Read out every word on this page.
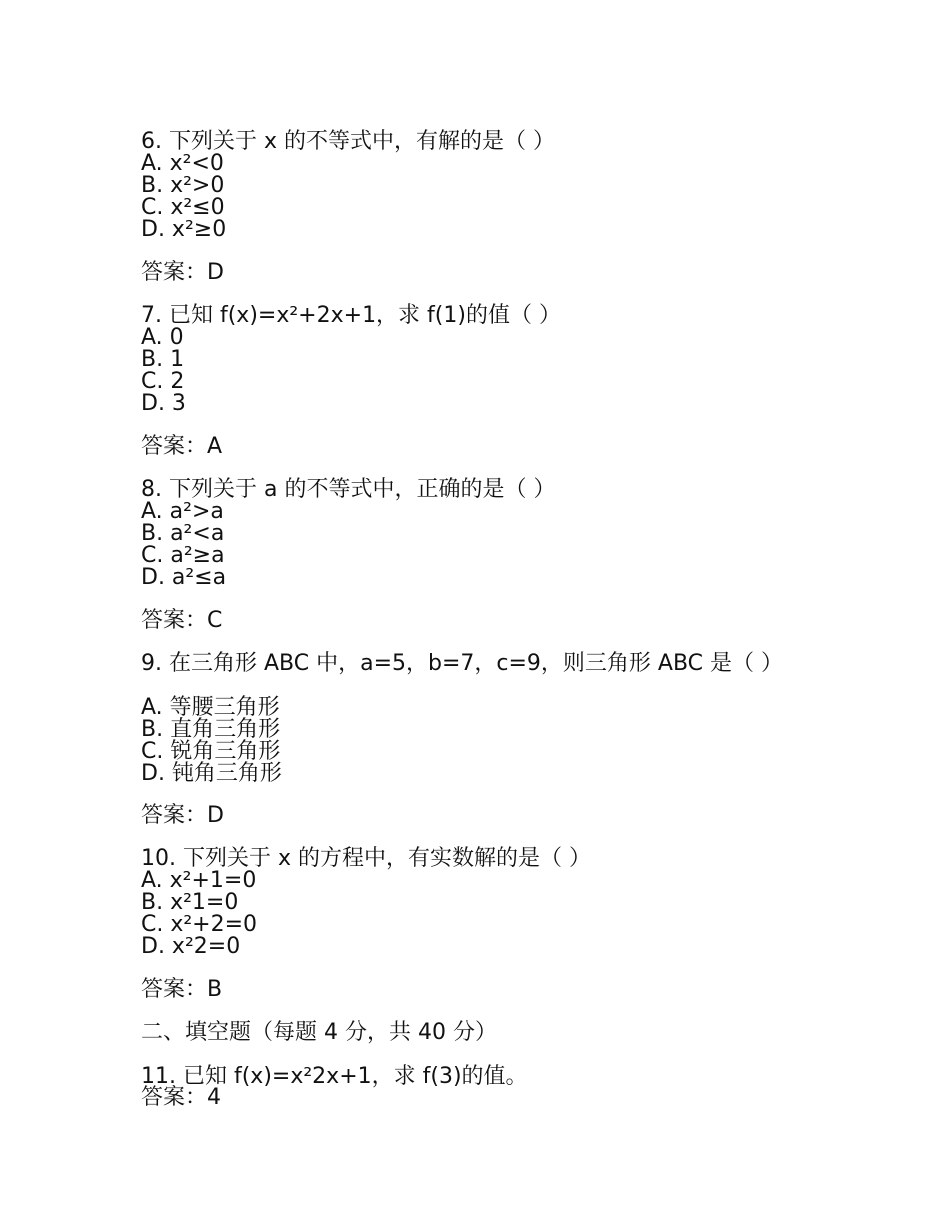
6. 下列关于 x 的不等式中，有解的是（ ）
A. x²<0
B. x²>0
C. x²≤0
D. x²≥0
答案：D
7. 已知 f(x)=x²+2x+1，求 f(1)的值（ ）
A. 0
B. 1
C. 2
D. 3
答案：A
8. 下列关于 a 的不等式中，正确的是（ ）
A. a²>a
B. a²<a
C. a²≥a
D. a²≤a
答案：C
9. 在三角形 ABC 中，a=5，b=7，c=9，则三角形 ABC 是（ ）
A. 等腰三角形
B. 直角三角形
C. 锐角三角形
D. 钝角三角形
答案：D
10. 下列关于 x 的方程中，有实数解的是（ ）
A. x²+1=0
B. x²1=0
C. x²+2=0
D. x²2=0
答案：B
二、填空题（每题 4 分，共 40 分）
11. 已知 f(x)=x²2x+1，求 f(3)的值。
答案：4
